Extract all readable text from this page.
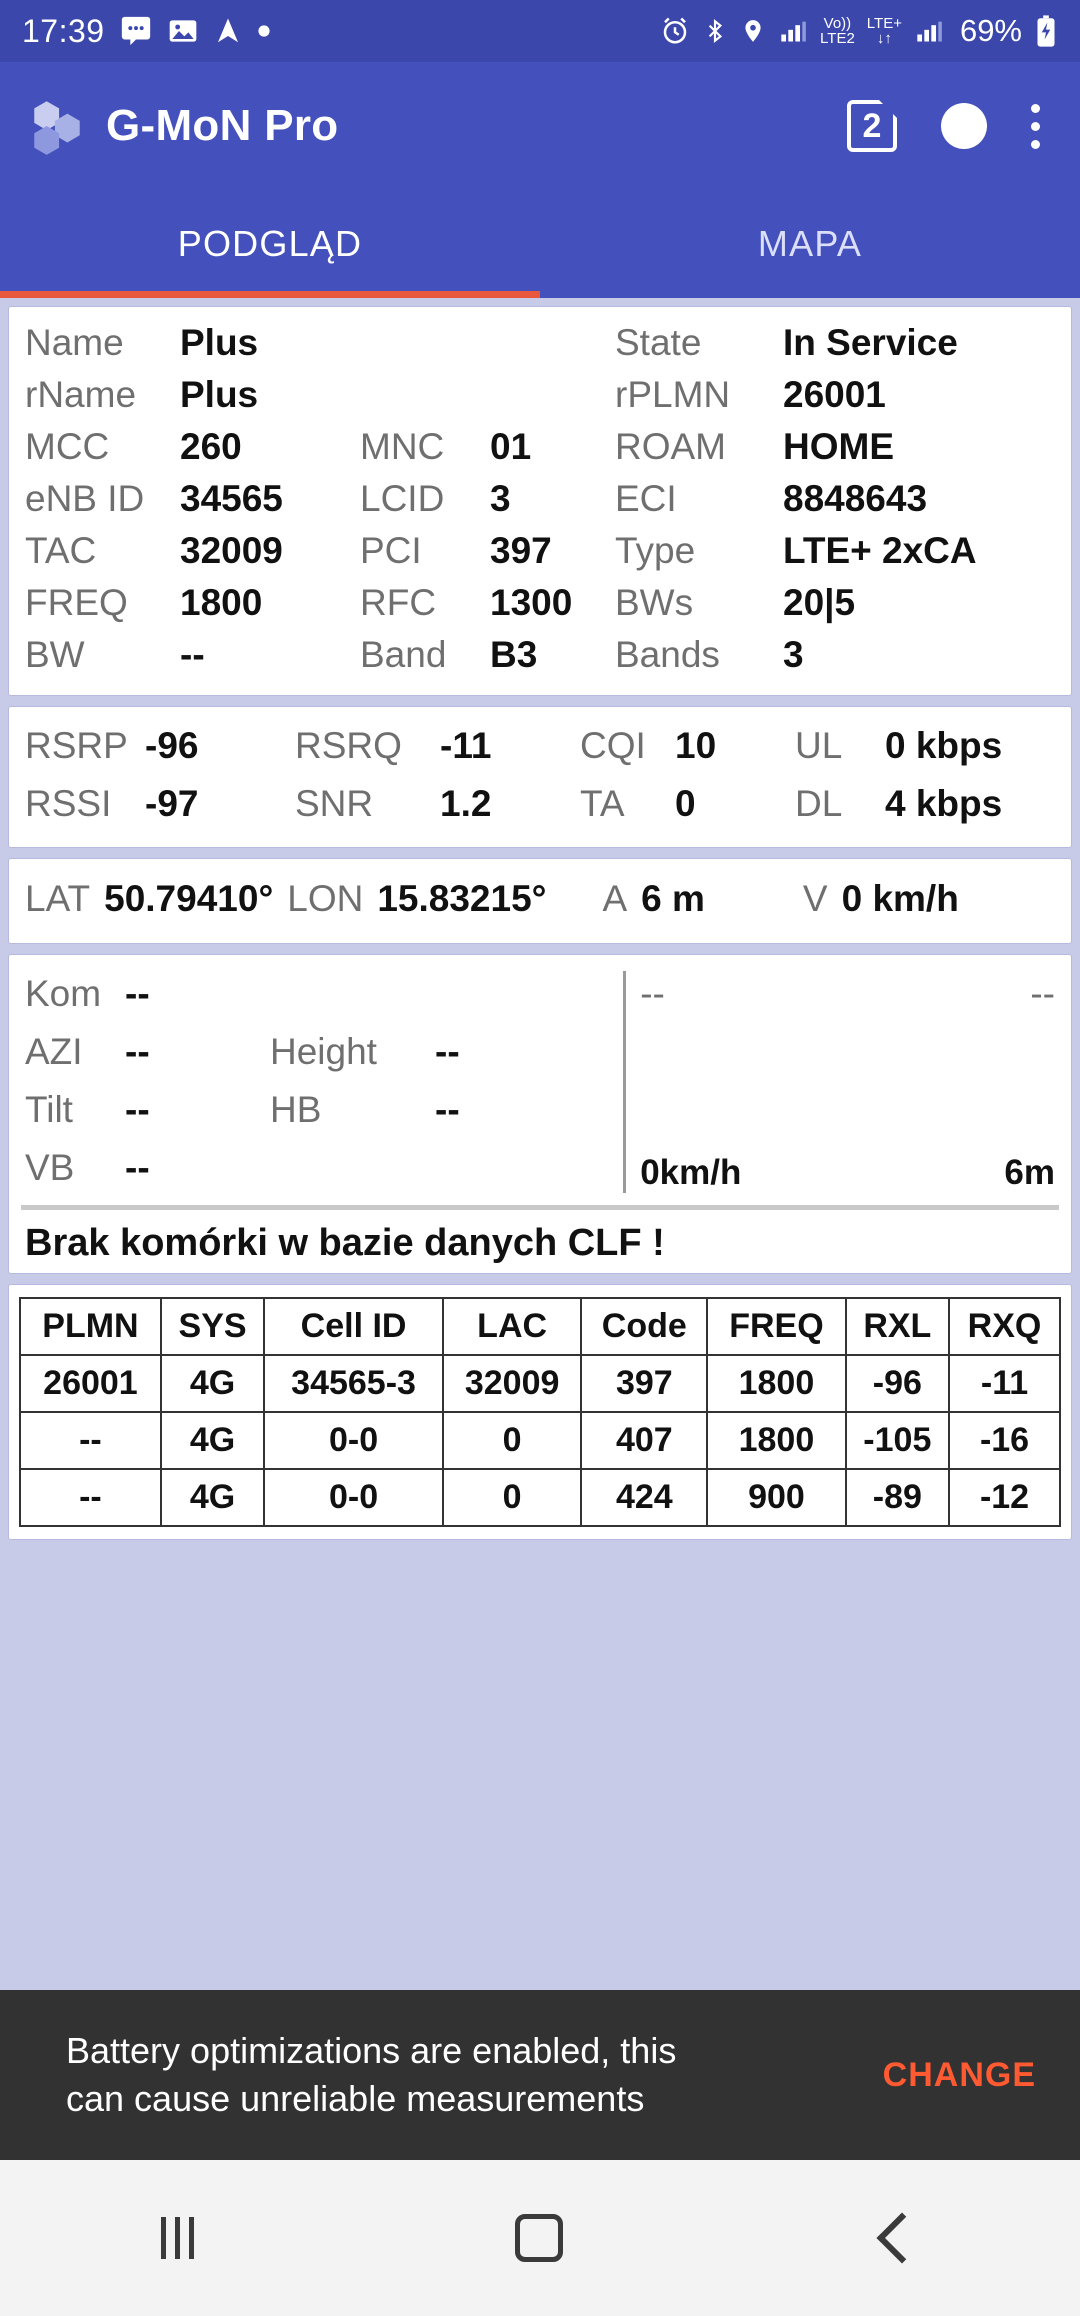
17:39	Vo))
LTE2
LTE+
↓↑ 69%
G-MoN Pro	2
PODGLĄD	MAPA
Name	Plus	State	In Service
rName	Plus	rPLMN	26001
MCC	260	MNC	01	ROAM	HOME
eNB ID 34565	LCID	3	ECI	8848643
TAC	32009	PCI	397	Type	LTE+ 2xCA
FREQ	1800	RFC	1300	BWs	20|5
BW	--	Band	B3	Bands	3
RSRP -96	RSRQ	-11	CQI 10	UL	0 kbps
RSSI -97	SNR	1.2	TA	0	DL	4 kbps
LAT 50.79410° LON 15.83215° A 6 m	V 0 km/h
Kom --
AZI	--	Height	--
Tilt	--	HB	--
VB	--
--	--
0km/h	6m
Brak komórki w bazie danych CLF !
PLMN	SYS	Cell ID	LAC	Code	FREQ	RXL	RXQ
26001	4G	34565-3	32009	397	1800	-96	-11
--	4G	0-0	0	407	1800	-105	-16
--	4G	0-0	0	424	900	-89	-12
Battery optimizations are enabled, this can cause unreliable measurements
CHANGE
